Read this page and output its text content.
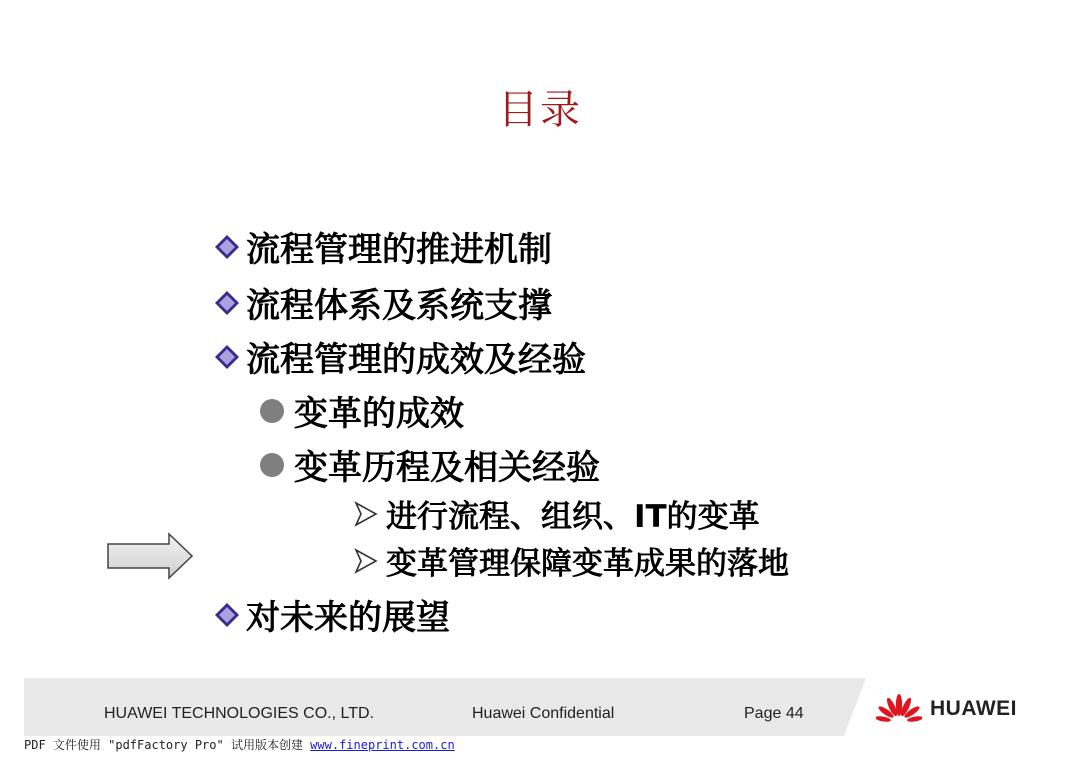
目录
流程管理的推进机制
流程体系及系统支撑
流程管理的成效及经验
变革的成效
变革历程及相关经验
进行流程、组织、IT的变革
变革管理保障变革成果的落地
对未来的展望
HUAWEI TECHNOLOGIES CO., LTD.	Huawei Confidential	Page 44	HUAWEI
PDF 文件使用 "pdfFactory Pro" 试用版本创建 www.fineprint.com.cn
